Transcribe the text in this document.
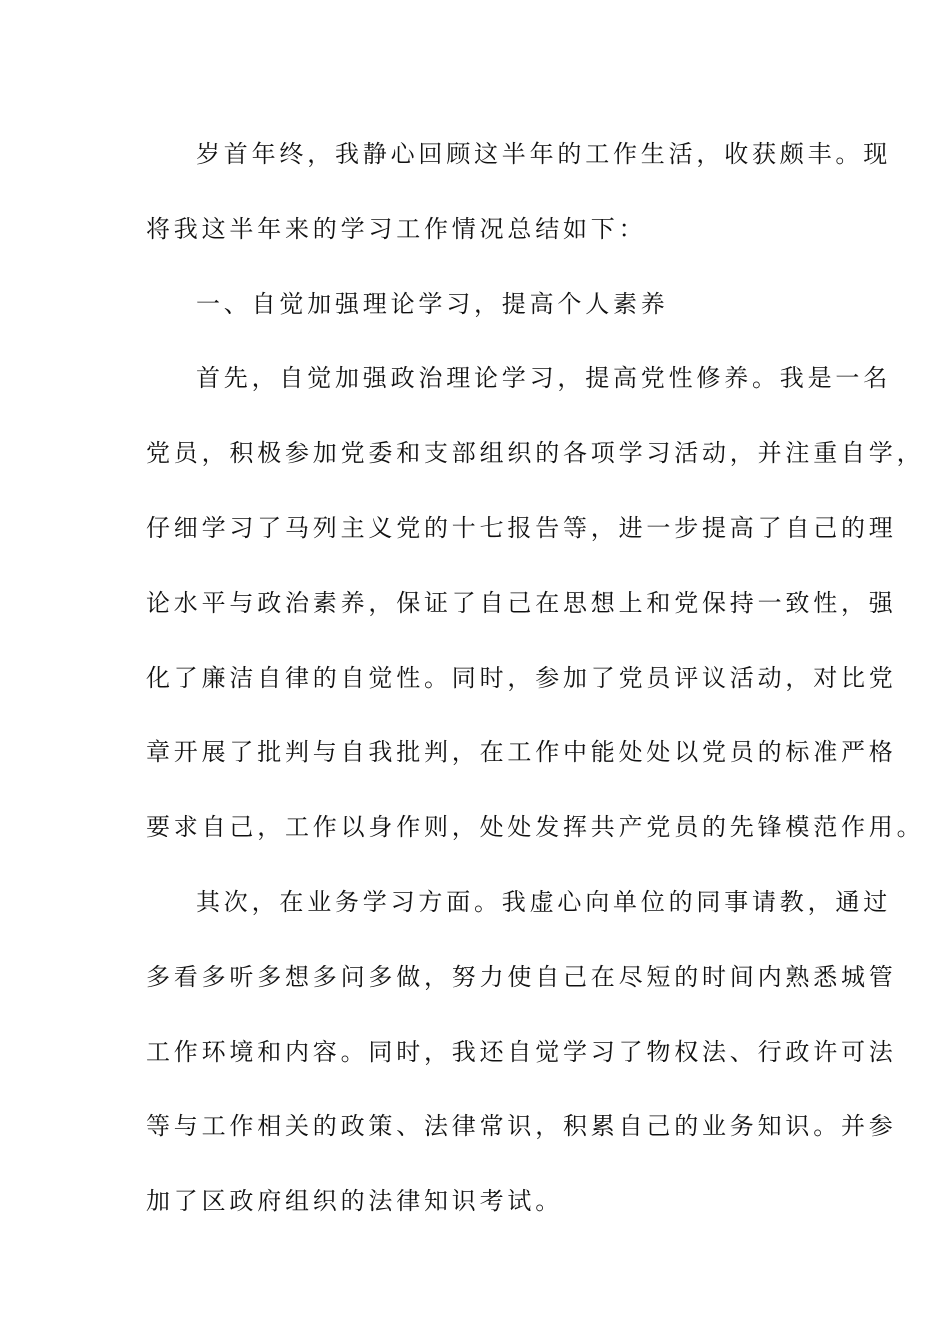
岁首年终，我静心回顾这半年的工作生活，收获颇丰。现
将我这半年来的学习工作情况总结如下：

一、自觉加强理论学习，提高个人素养

首先，自觉加强政治理论学习，提高党性修养。我是一名
党员，积极参加党委和支部组织的各项学习活动，并注重自学，
仔细学习了马列主义党的十七报告等，进一步提高了自己的理
论水平与政治素养，保证了自己在思想上和党保持一致性，强
化了廉洁自律的自觉性。同时，参加了党员评议活动，对比党
章开展了批判与自我批判，在工作中能处处以党员的标准严格
要求自己，工作以身作则，处处发挥共产党员的先锋模范作用。

其次，在业务学习方面。我虚心向单位的同事请教，通过
多看多听多想多问多做，努力使自己在尽短的时间内熟悉城管
工作环境和内容。同时，我还自觉学习了物权法、行政许可法
等与工作相关的政策、法律常识，积累自己的业务知识。并参
加了区政府组织的法律知识考试。
